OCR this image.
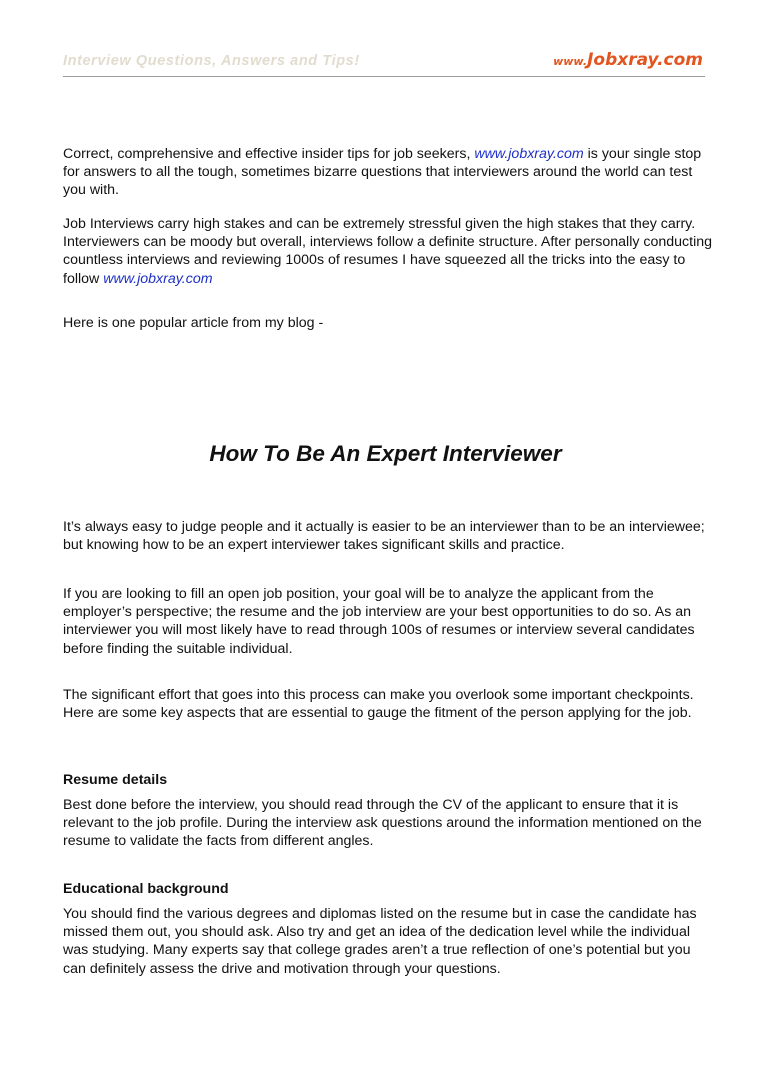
Interview Questions, Answers and Tips!	www.Jobxray.com

Correct, comprehensive and effective insider tips for job seekers, www.jobxray.com is your single stop for answers to all the tough, sometimes bizarre questions that interviewers around the world can test you with.

Job Interviews carry high stakes and can be extremely stressful given the high stakes that they carry. Interviewers can be moody but overall, interviews follow a definite structure. After personally conducting countless interviews and reviewing 1000s of resumes I have squeezed all the tricks into the easy to follow www.jobxray.com

Here is one popular article from my blog -

How To Be An Expert Interviewer

It’s always easy to judge people and it actually is easier to be an interviewer than to be an interviewee; but knowing how to be an expert interviewer takes significant skills and practice.

If you are looking to fill an open job position, your goal will be to analyze the applicant from the employer’s perspective; the resume and the job interview are your best opportunities to do so. As an interviewer you will most likely have to read through 100s of resumes or interview several candidates before finding the suitable individual.

The significant effort that goes into this process can make you overlook some important checkpoints. Here are some key aspects that are essential to gauge the fitment of the person applying for the job.

Resume details

Best done before the interview, you should read through the CV of the applicant to ensure that it is relevant to the job profile. During the interview ask questions around the information mentioned on the resume to validate the facts from different angles.

Educational background

You should find the various degrees and diplomas listed on the resume but in case the candidate has missed them out, you should ask. Also try and get an idea of the dedication level while the individual was studying. Many experts say that college grades aren’t a true reflection of one’s potential but you can definitely assess the drive and motivation through your questions.
